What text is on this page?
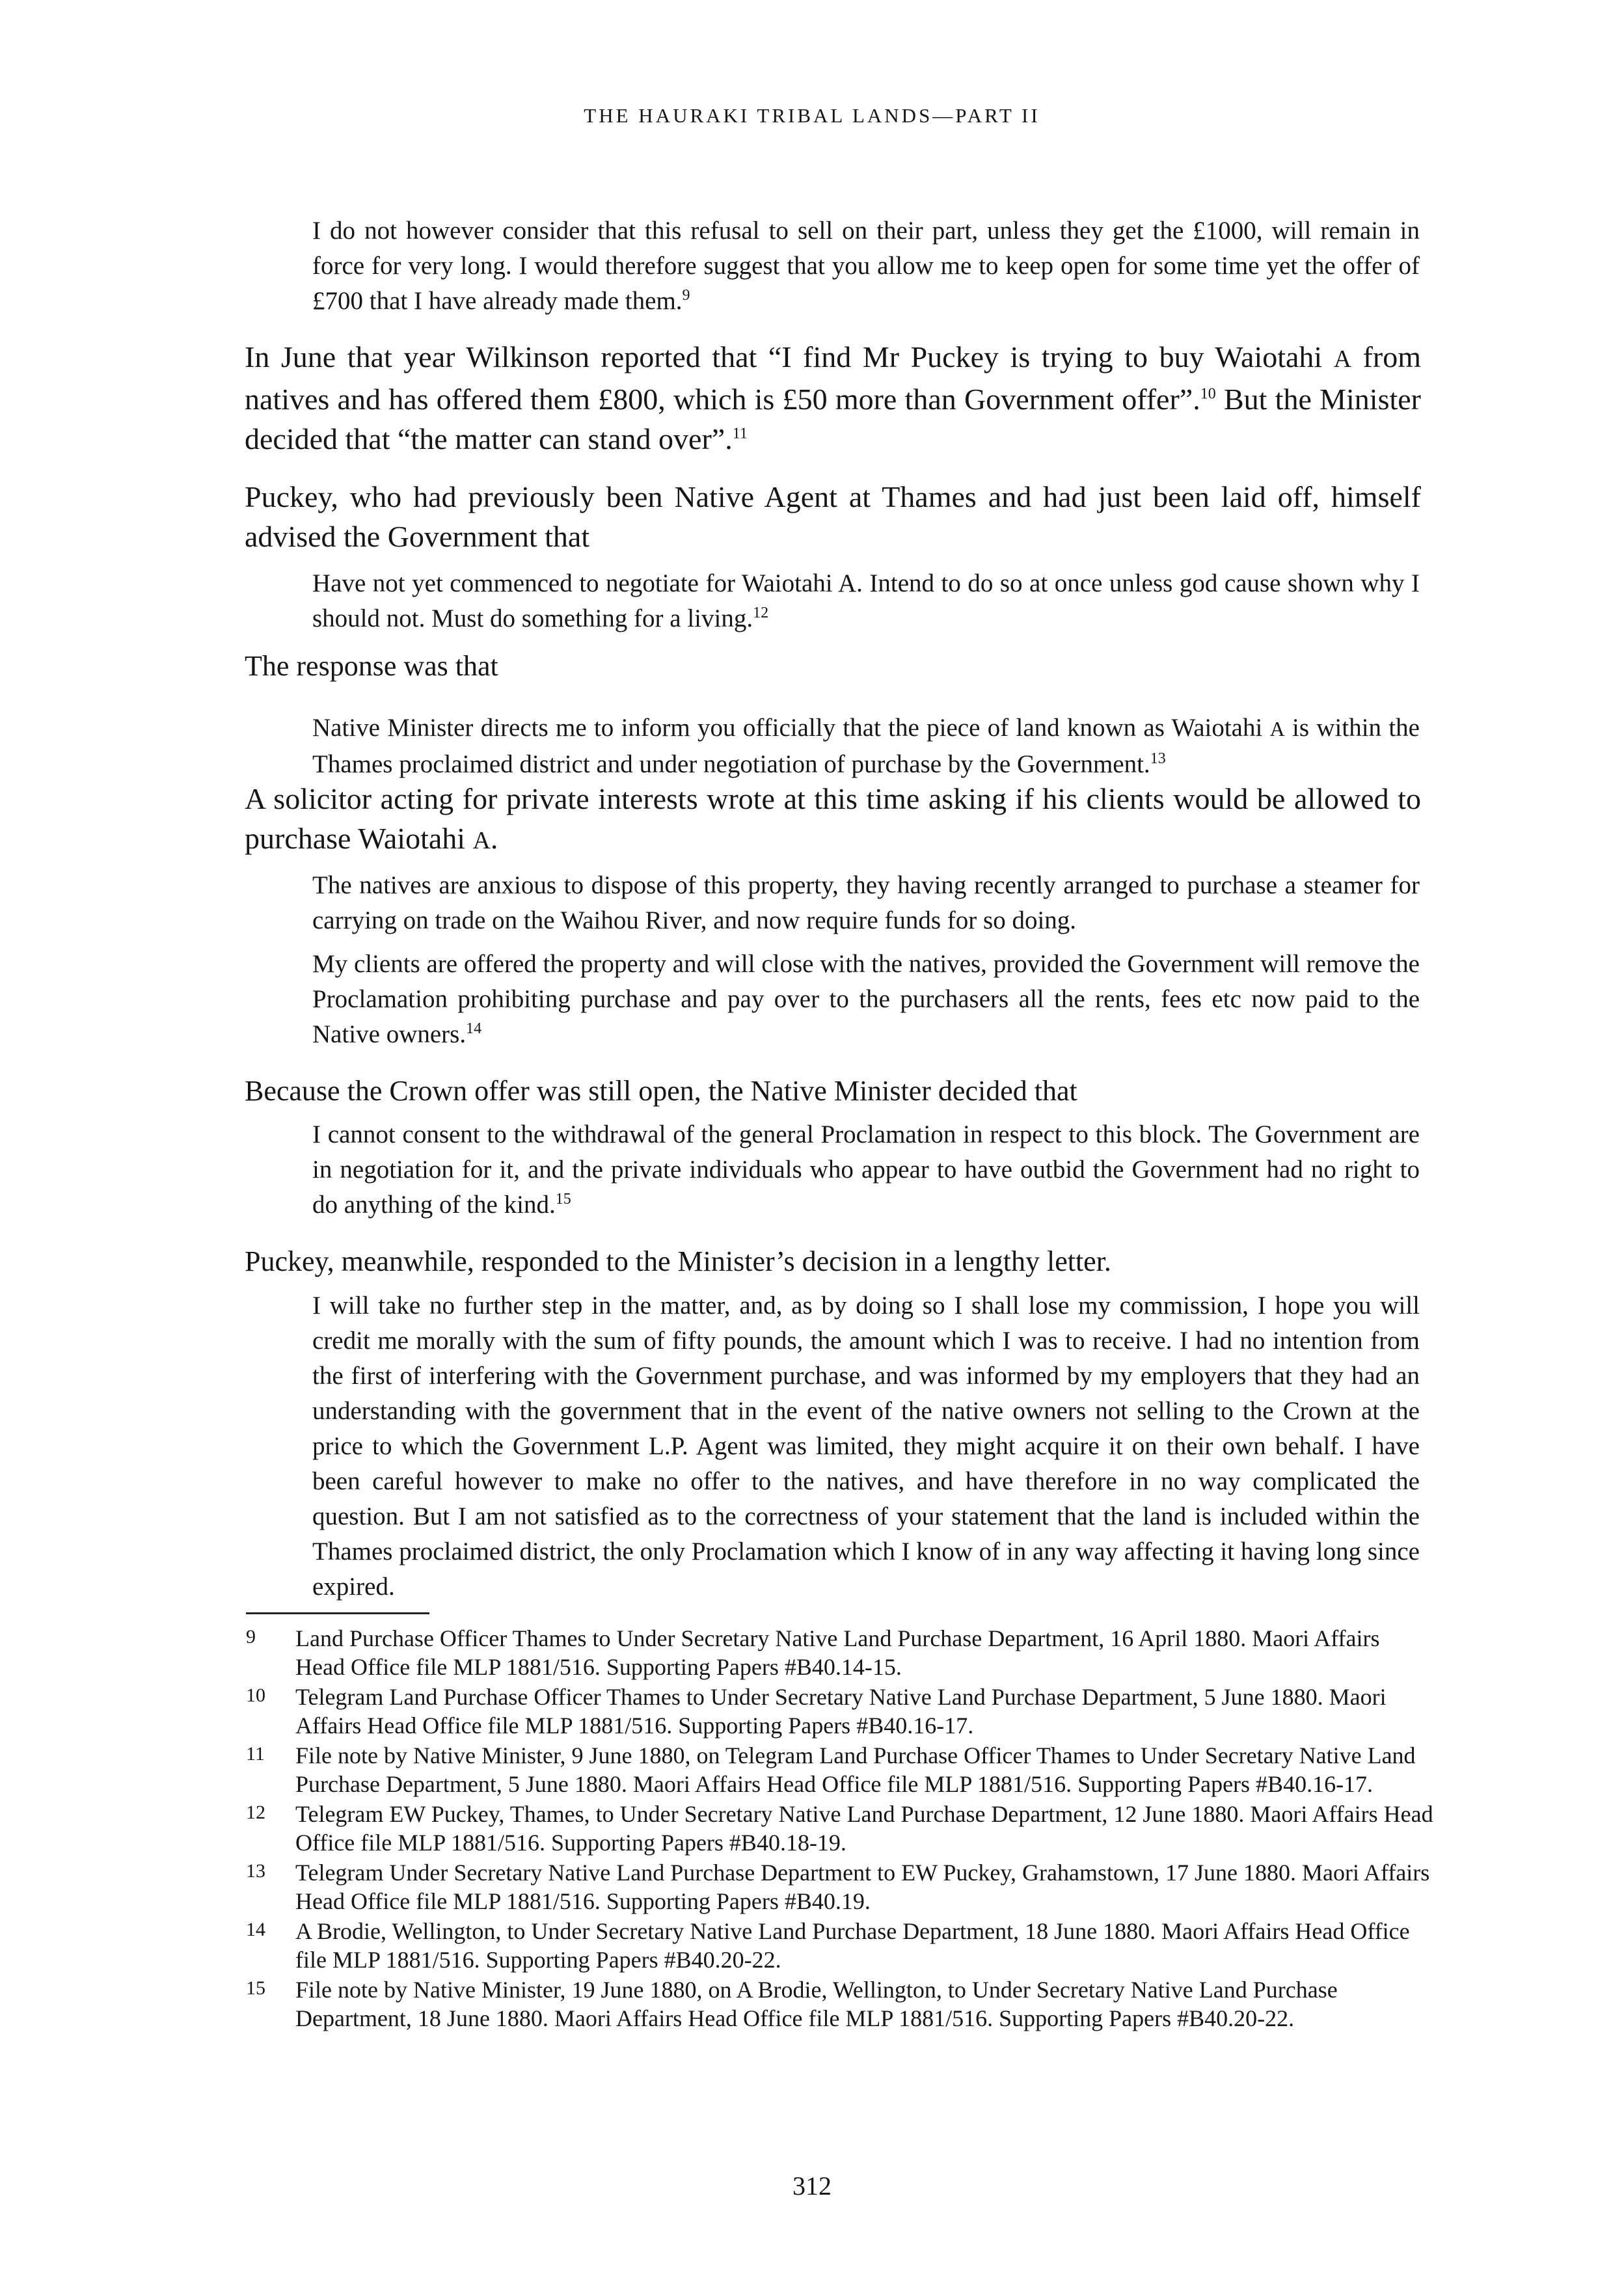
THE HAURAKI TRIBAL LANDS—PART II

I do not however consider that this refusal to sell on their part, unless they get the £1000, will remain in force for very long. I would therefore suggest that you allow me to keep open for some time yet the offer of £700 that I have already made them.$^9$

In June that year Wilkinson reported that “I find Mr Puckey is trying to buy Waiotahi A from natives and has offered them £800, which is £50 more than Government offer”.$^{10}$ But the Minister decided that “the matter can stand over”.$^{11}$

Puckey, who had previously been Native Agent at Thames and had just been laid off, himself advised the Government that

Have not yet commenced to negotiate for Waiotahi A. Intend to do so at once unless god cause shown why I should not. Must do something for a living.$^{12}$

The response was that

Native Minister directs me to inform you officially that the piece of land known as Waiotahi A is within the Thames proclaimed district and under negotiation of purchase by the Government.$^{13}$

A solicitor acting for private interests wrote at this time asking if his clients would be allowed to purchase Waiotahi A.

The natives are anxious to dispose of this property, they having recently arranged to purchase a steamer for carrying on trade on the Waihou River, and now require funds for so doing.

My clients are offered the property and will close with the natives, provided the Government will remove the Proclamation prohibiting purchase and pay over to the purchasers all the rents, fees etc now paid to the Native owners.$^{14}$

Because the Crown offer was still open, the Native Minister decided that

I cannot consent to the withdrawal of the general Proclamation in respect to this block. The Government are in negotiation for it, and the private individuals who appear to have outbid the Government had no right to do anything of the kind.$^{15}$

Puckey, meanwhile, responded to the Minister’s decision in a lengthy letter.

I will take no further step in the matter, and, as by doing so I shall lose my commission, I hope you will credit me morally with the sum of fifty pounds, the amount which I was to receive. I had no intention from the first of interfering with the Government purchase, and was informed by my employers that they had an understanding with the government that in the event of the native owners not selling to the Crown at the price to which the Government L.P. Agent was limited, they might acquire it on their own behalf. I have been careful however to make no offer to the natives, and have therefore in no way complicated the question. But I am not satisfied as to the correctness of your statement that the land is included within the Thames proclaimed district, the only Proclamation which I know of in any way affecting it having long since expired.

9	Land Purchase Officer Thames to Under Secretary Native Land Purchase Department, 16 April 1880. Maori Affairs Head Office file MLP 1881/516. Supporting Papers #B40.14-15.
10	Telegram Land Purchase Officer Thames to Under Secretary Native Land Purchase Department, 5 June 1880. Maori Affairs Head Office file MLP 1881/516. Supporting Papers #B40.16-17.
11	File note by Native Minister, 9 June 1880, on Telegram Land Purchase Officer Thames to Under Secretary Native Land Purchase Department, 5 June 1880. Maori Affairs Head Office file MLP 1881/516. Supporting Papers #B40.16-17.
12	Telegram EW Puckey, Thames, to Under Secretary Native Land Purchase Department, 12 June 1880. Maori Affairs Head Office file MLP 1881/516. Supporting Papers #B40.18-19.
13	Telegram Under Secretary Native Land Purchase Department to EW Puckey, Grahamstown, 17 June 1880. Maori Affairs Head Office file MLP 1881/516. Supporting Papers #B40.19.
14	A Brodie, Wellington, to Under Secretary Native Land Purchase Department, 18 June 1880. Maori Affairs Head Office file MLP 1881/516. Supporting Papers #B40.20-22.
15	File note by Native Minister, 19 June 1880, on A Brodie, Wellington, to Under Secretary Native Land Purchase Department, 18 June 1880. Maori Affairs Head Office file MLP 1881/516. Supporting Papers #B40.20-22.
312
